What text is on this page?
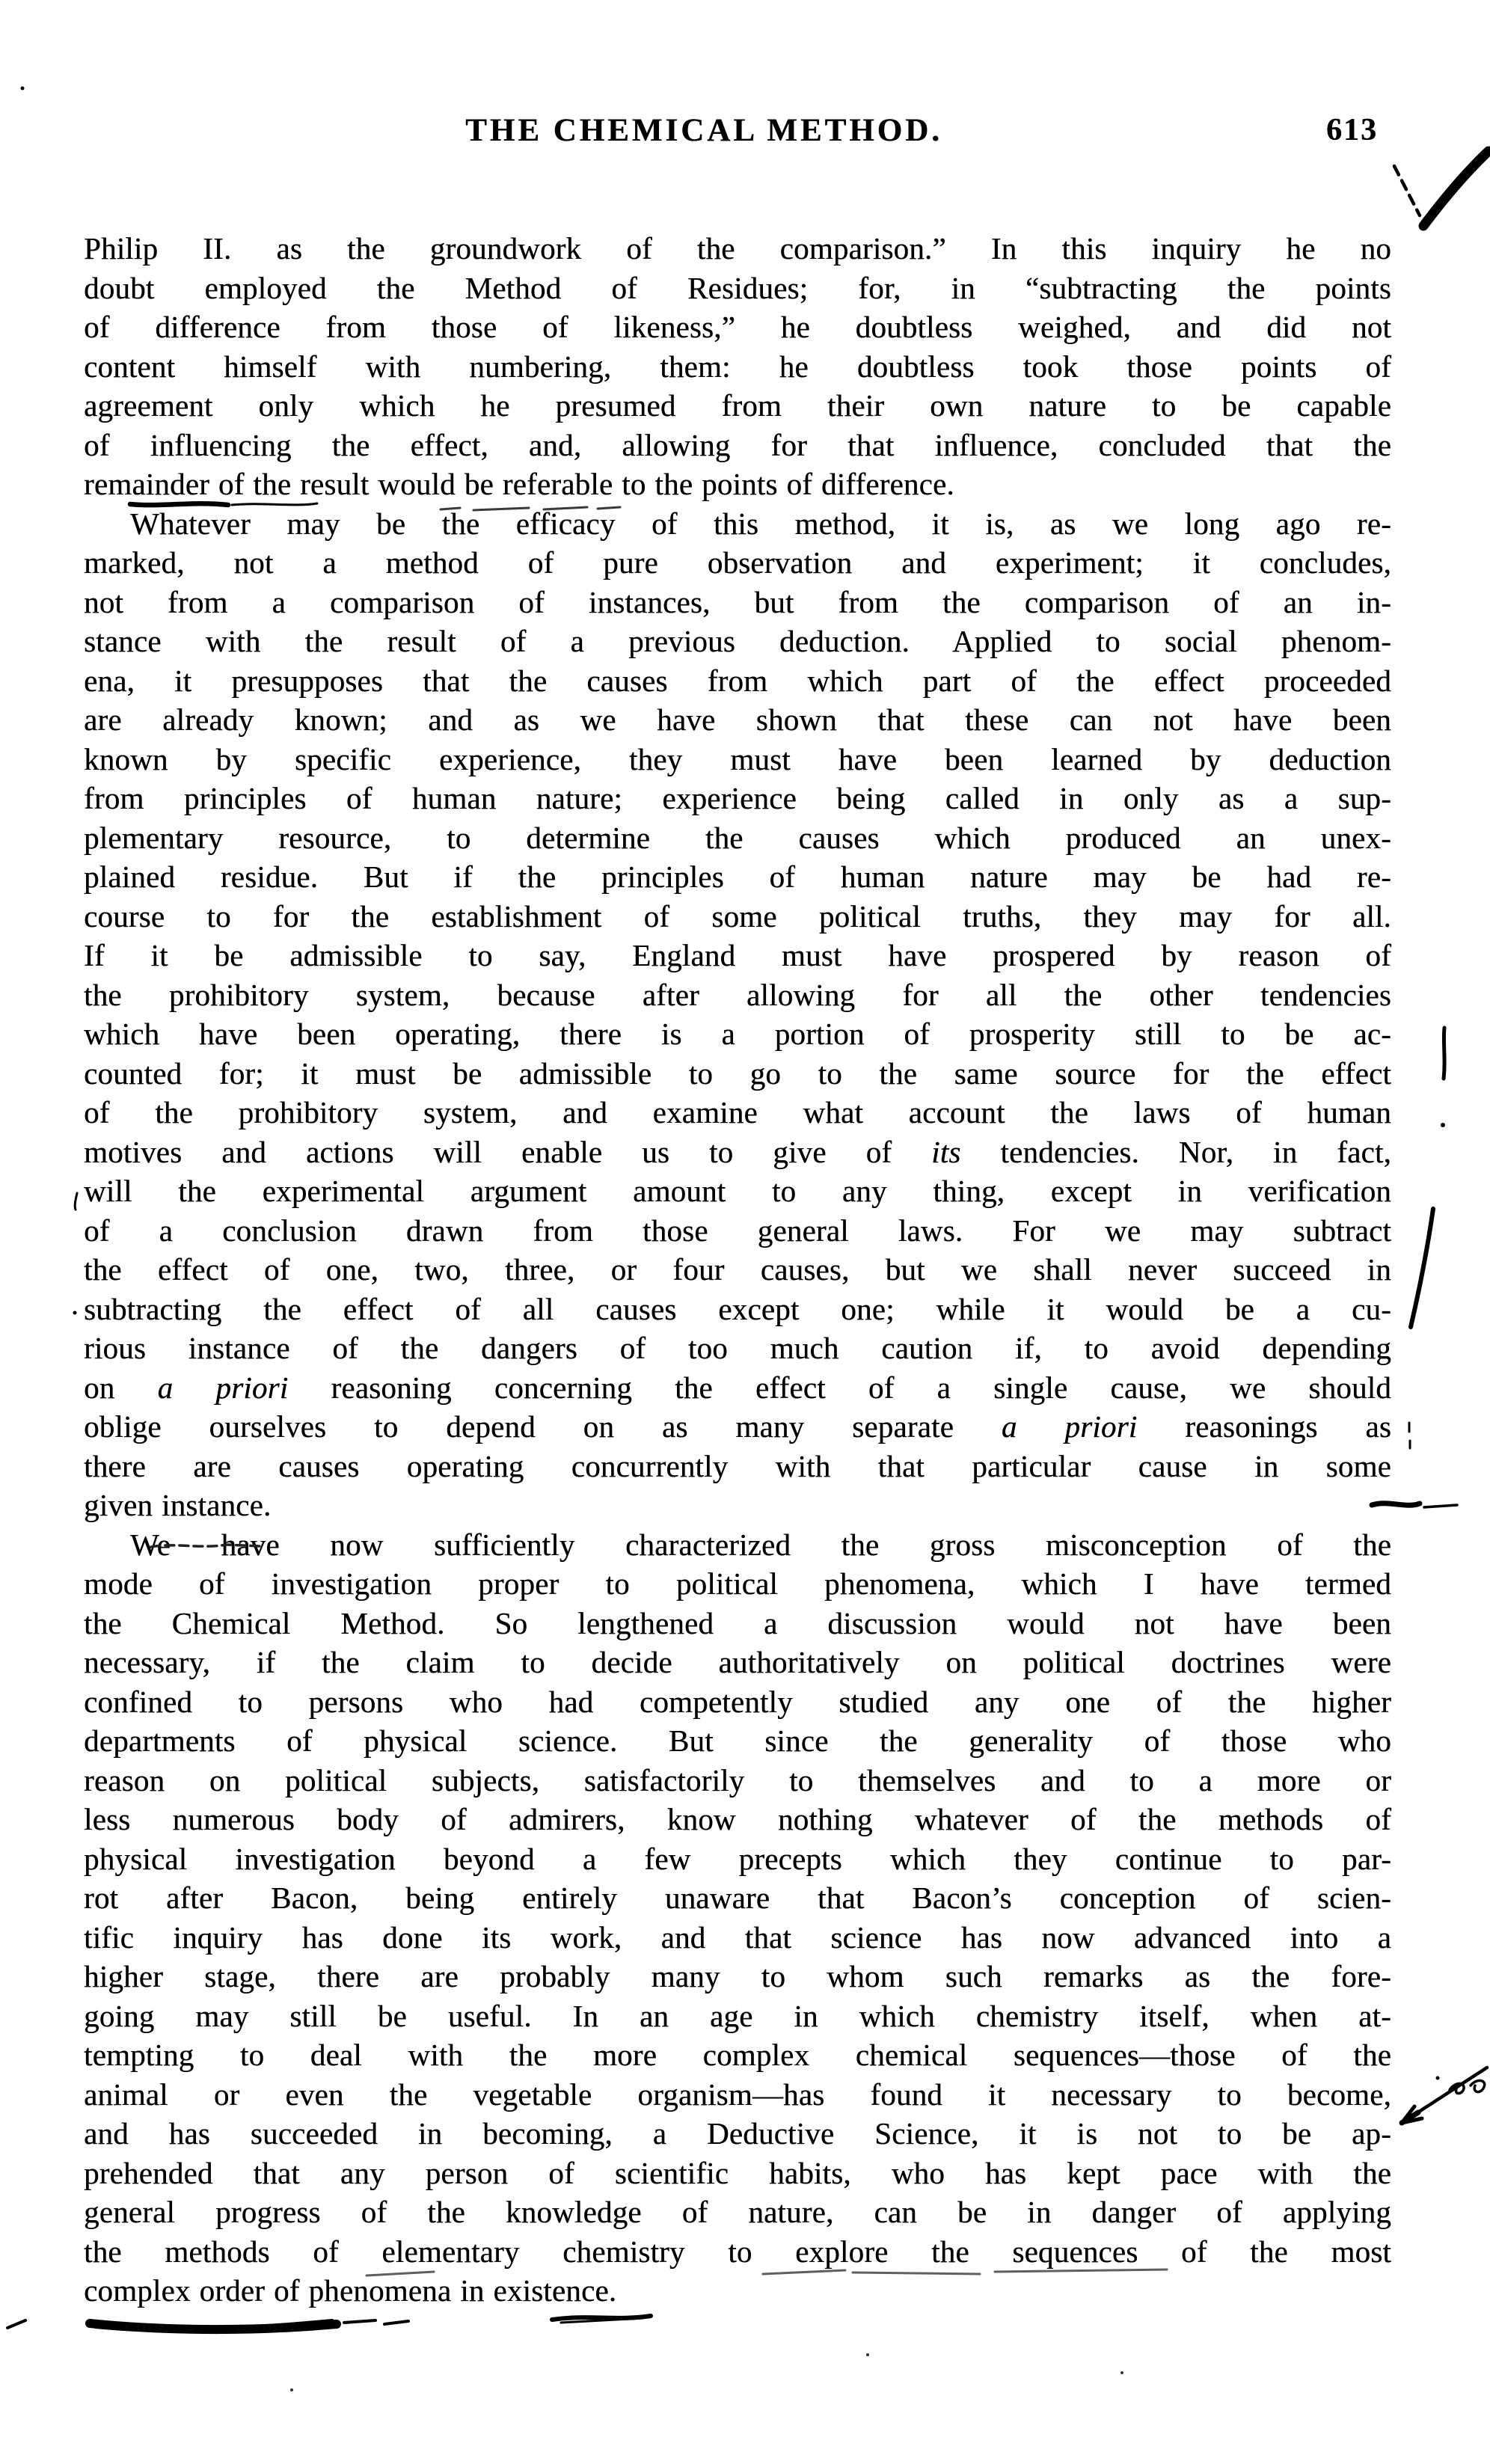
THE CHEMICAL METHOD.	613
Philip II. as the groundwork of the comparison.” In this inquiry he no
doubt employed the Method of Residues; for, in “subtracting the points
of difference from those of likeness,” he doubtless weighed, and did not
content himself with numbering, them: he doubtless took those points of
agreement only which he presumed from their own nature to be capable
of influencing the effect, and, allowing for that influence, concluded that the
remainder of the result would be referable to the points of difference.
Whatever may be the efficacy of this method, it is, as we long ago re-
marked, not a method of pure observation and experiment; it concludes,
not from a comparison of instances, but from the comparison of an in-
stance with the result of a previous deduction. Applied to social phenom-
ena, it presupposes that the causes from which part of the effect proceeded
are already known; and as we have shown that these can not have been
known by specific experience, they must have been learned by deduction
from principles of human nature; experience being called in only as a sup-
plementary resource, to determine the causes which produced an unex-
plained residue. But if the principles of human nature may be had re-
course to for the establishment of some political truths, they may for all.
If it be admissible to say, England must have prospered by reason of
the prohibitory system, because after allowing for all the other tendencies
which have been operating, there is a portion of prosperity still to be ac-
counted for; it must be admissible to go to the same source for the effect
of the prohibitory system, and examine what account the laws of human
motives and actions will enable us to give of its tendencies. Nor, in fact,
will the experimental argument amount to any thing, except in verification
of a conclusion drawn from those general laws. For we may subtract
the effect of one, two, three, or four causes, but we shall never succeed in
subtracting the effect of all causes except one; while it would be a cu-
rious instance of the dangers of too much caution if, to avoid depending
on a priori reasoning concerning the effect of a single cause, we should
oblige ourselves to depend on as many separate a priori reasonings as
there are causes operating concurrently with that particular cause in some
given instance.
We have now sufficiently characterized the gross misconception of the
mode of investigation proper to political phenomena, which I have termed
the Chemical Method. So lengthened a discussion would not have been
necessary, if the claim to decide authoritatively on political doctrines were
confined to persons who had competently studied any one of the higher
departments of physical science. But since the generality of those who
reason on political subjects, satisfactorily to themselves and to a more or
less numerous body of admirers, know nothing whatever of the methods of
physical investigation beyond a few precepts which they continue to par-
rot after Bacon, being entirely unaware that Bacon’s conception of scien-
tific inquiry has done its work, and that science has now advanced into a
higher stage, there are probably many to whom such remarks as the fore-
going may still be useful. In an age in which chemistry itself, when at-
tempting to deal with the more complex chemical sequences—those of the
animal or even the vegetable organism—has found it necessary to become,
and has succeeded in becoming, a Deductive Science, it is not to be ap-
prehended that any person of scientific habits, who has kept pace with the
general progress of the knowledge of nature, can be in danger of applying
the methods of elementary chemistry to explore the sequences of the most
complex order of phenomena in existence.
